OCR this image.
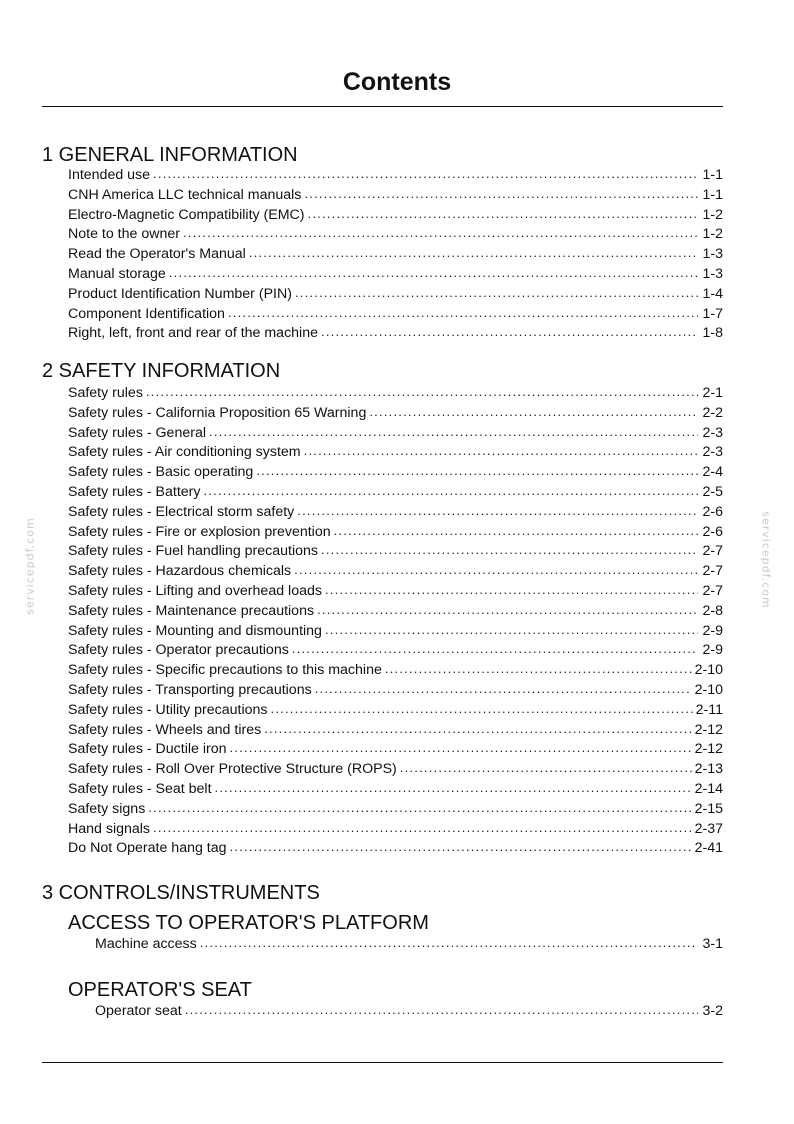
Contents
1 GENERAL INFORMATION
Intended use . . .	1-1
CNH America LLC technical manuals . . .	1-1
Electro-Magnetic Compatibility (EMC) . . .	1-2
Note to the owner . . .	1-2
Read the Operator's Manual . . .	1-3
Manual storage . . .	1-3
Product Identification Number (PIN) . . .	1-4
Component Identification . . .	1-7
Right, left, front and rear of the machine . . .	1-8
2 SAFETY INFORMATION
Safety rules . . .	2-1
Safety rules - California Proposition 65 Warning . . .	2-2
Safety rules - General . . .	2-3
Safety rules - Air conditioning system . . .	2-3
Safety rules - Basic operating . . .	2-4
Safety rules - Battery . . .	2-5
Safety rules - Electrical storm safety . . .	2-6
Safety rules - Fire or explosion prevention . . .	2-6
Safety rules - Fuel handling precautions . . .	2-7
Safety rules - Hazardous chemicals . . .	2-7
Safety rules - Lifting and overhead loads . . .	2-7
Safety rules - Maintenance precautions . . .	2-8
Safety rules - Mounting and dismounting . . .	2-9
Safety rules - Operator precautions . . .	2-9
Safety rules - Specific precautions to this machine . . .	2-10
Safety rules - Transporting precautions . . .	2-10
Safety rules - Utility precautions . . .	2-11
Safety rules - Wheels and tires . . .	2-12
Safety rules - Ductile iron . . .	2-12
Safety rules - Roll Over Protective Structure (ROPS) . . .	2-13
Safety rules - Seat belt . . .	2-14
Safety signs . . .	2-15
Hand signals . . .	2-37
Do Not Operate hang tag . . .	2-41
3 CONTROLS/INSTRUMENTS
ACCESS TO OPERATOR'S PLATFORM
Machine access . . .	3-1
OPERATOR'S SEAT
Operator seat . . .	3-2
servicepdf.com	servicepdf.com
